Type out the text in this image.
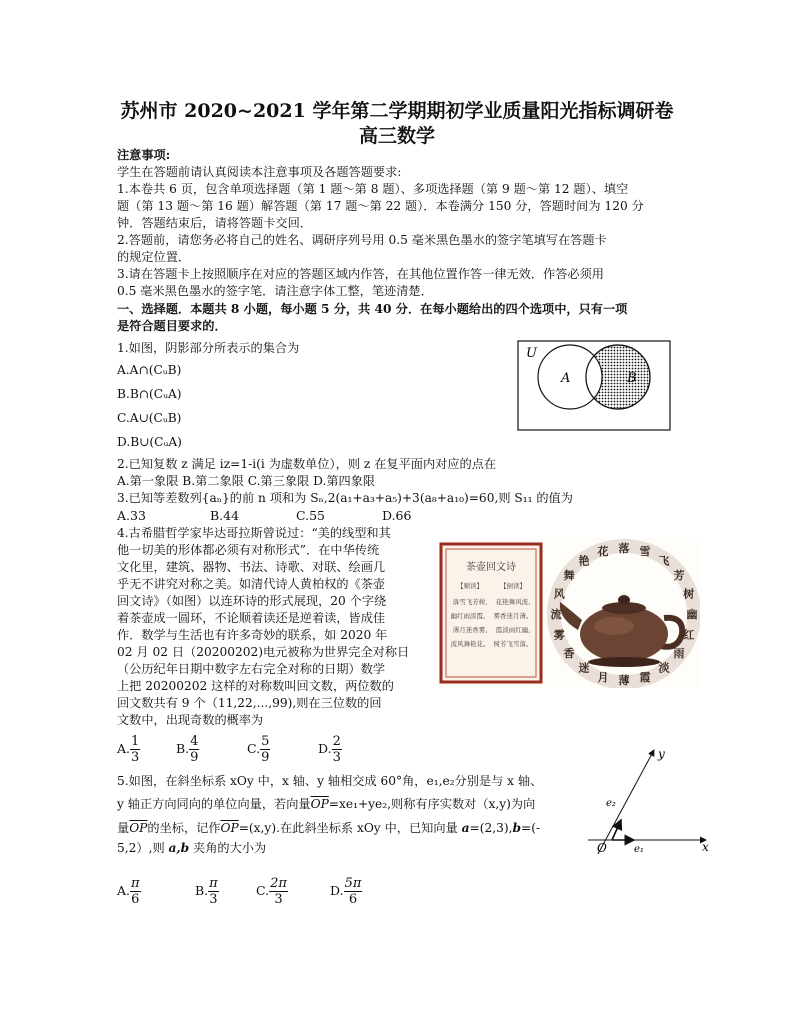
苏州市 2020~2021 学年第二学期期初学业质量阳光指标调研卷
高三数学
注意事项:
学生在答题前请认真阅读本注意事项及各题答题要求:
1.本卷共 6 页，包含单项选择题（第 1 题～第 8 题）、多项选择题（第 9 题～第 12 题）、填空
题（第 13 题～第 16 题）解答题（第 17 题～第 22 题）．本卷满分 150 分，答题时间为 120 分
钟．答题结束后，请将答题卡交回．
2.答题前，请您务必将自己的姓名、调研序列号用 0.5 毫米黑色墨水的签字笔填写在答题卡
的规定位置．
3.请在答题卡上按照顺序在对应的答题区域内作答，在其他位置作答一律无效．作答必须用
0.5 毫米黑色墨水的签字笔．请注意字体工整，笔迹清楚．
一、选择题．本题共 8 小题，每小题 5 分，共 40 分．在每小题给出的四个选项中，只有一项
是符合题目要求的．
1.如图，阴影部分所表示的集合为
A.A∩(CᵤB)
B.B∩(CᵤA)
C.A∪(CᵤB)
D.B∪(CᵤA)
U
A	B
2.已知复数 z 满足 iz=1-i(i 为虚数单位），则 z 在复平面内对应的点在
A.第一象限 B.第二象限 C.第三象限 D.第四象限
3.已知等差数列{aₙ}的前 n 项和为 Sₙ,2(a₁+a₃+a₅)+3(a₈+a₁₀)=60,则 S₁₁ 的值为
A.33	B.44	C.55	D.66
4.古希腊哲学家毕达哥拉斯曾说过：“美的线型和其
他一切美的形体都必须有对称形式”．在中华传统
文化里，建筑、器物、书法、诗歌、对联、绘画几
乎无不讲究对称之美。如清代诗人黄柏权的《茶壶
回文诗》（如图）以连环诗的形式展现，20 个字绕
着茶壶成一圆环，不论顺着读还是逆着读，皆成佳
作．数学与生活也有许多奇妙的联系，如 2020 年
02 月 02 日（20200202)电元被称为世界完全对称日
（公历纪年日期中数字左右完全对称的日期）数学
上把 20200202 这样的对称数叫回文数，两位数的
回文数共有 9 个（11,22,...,99),则在三位数的回
文数中，出现奇数的概率为
A. $\frac{1}{3}$	B. $\frac{4}{9}$	C. $\frac{5}{9}$	D. $\frac{2}{3}$
茶壶回文诗
【顺读】	【倒读】
落雪飞芳树,
幽红雨淡霞。
薄月迷香雾,
流风舞艳花。
花艳舞风流,
雾香迷月薄。
霞淡雨红幽,
树芳飞雪落。
落 雪
飞
芳
树
幽
红
雨
淡
霞
薄
月
迷
香
雾
流
风
舞
艳
花
5.如图，在斜坐标系 xOy 中，x 轴、y 轴相交成 60°角，e₁,e₂分别是与 x 轴、
y 轴正方向同向的单位向量，若向量$\overline{OP}=xe_1+ye_2$,则称有序实数对（x,y)为向
量$\overline{OP}$的坐标，记作$\overline{OP}=(x,y)$.在此斜坐标系 xOy 中，已知向量 a=(2,3),b=(-
5,2）,则 a,b 夹角的大小为
A. $\frac{\pi}{6}$	B. $\frac{\pi}{3}$	C. $\frac{2\pi}{3}$	D. $\frac{5\pi}{6}$
x
y
O	e₁
e₂
